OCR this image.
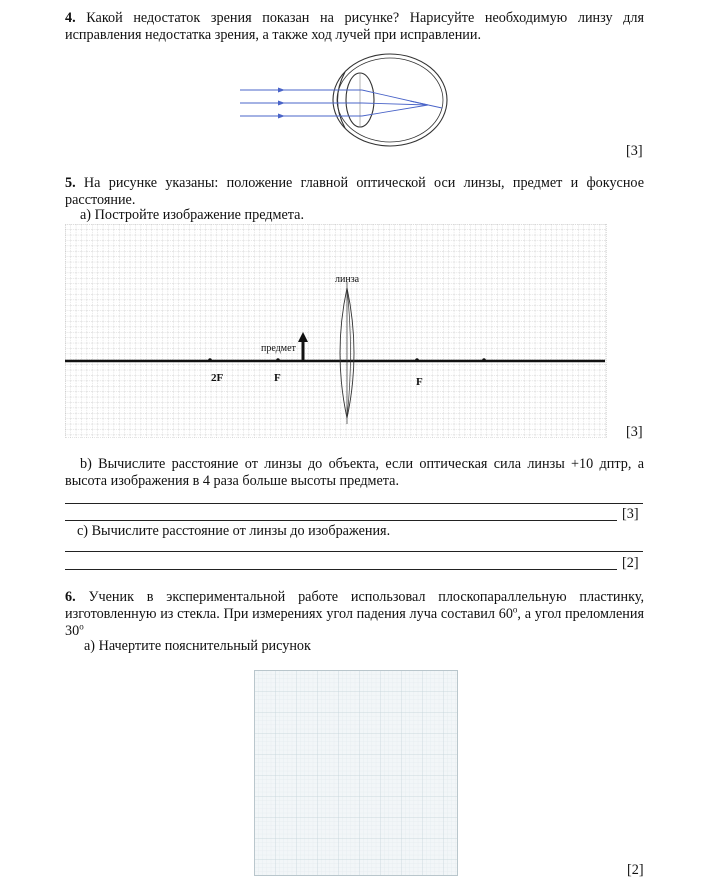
4. Какой недостаток зрения показан на рисунке? Нарисуйте необходимую линзу для исправления недостатка зрения, а также ход лучей при исправлении.
[3]
5. На рисунке указаны: положение главной оптической оси линзы, предмет и фокусное расстояние.
a) Постройте изображение предмета.
линза
предмет
2F	F	F
[3]
b) Вычислите расстояние от линзы до объекта, если оптическая сила линзы +10 дптр, а высота изображения в 4 раза больше высоты предмета.
[3]
c) Вычислите расстояние от линзы до изображения.
[2]
6. Ученик в экспериментальной работе использовал плоскопараллельную пластинку, изготовленную из стекла. При измерениях угол падения луча составил 60$^o$, а угол преломления 30$^o$
a) Начертите пояснительный рисунок
[2]
